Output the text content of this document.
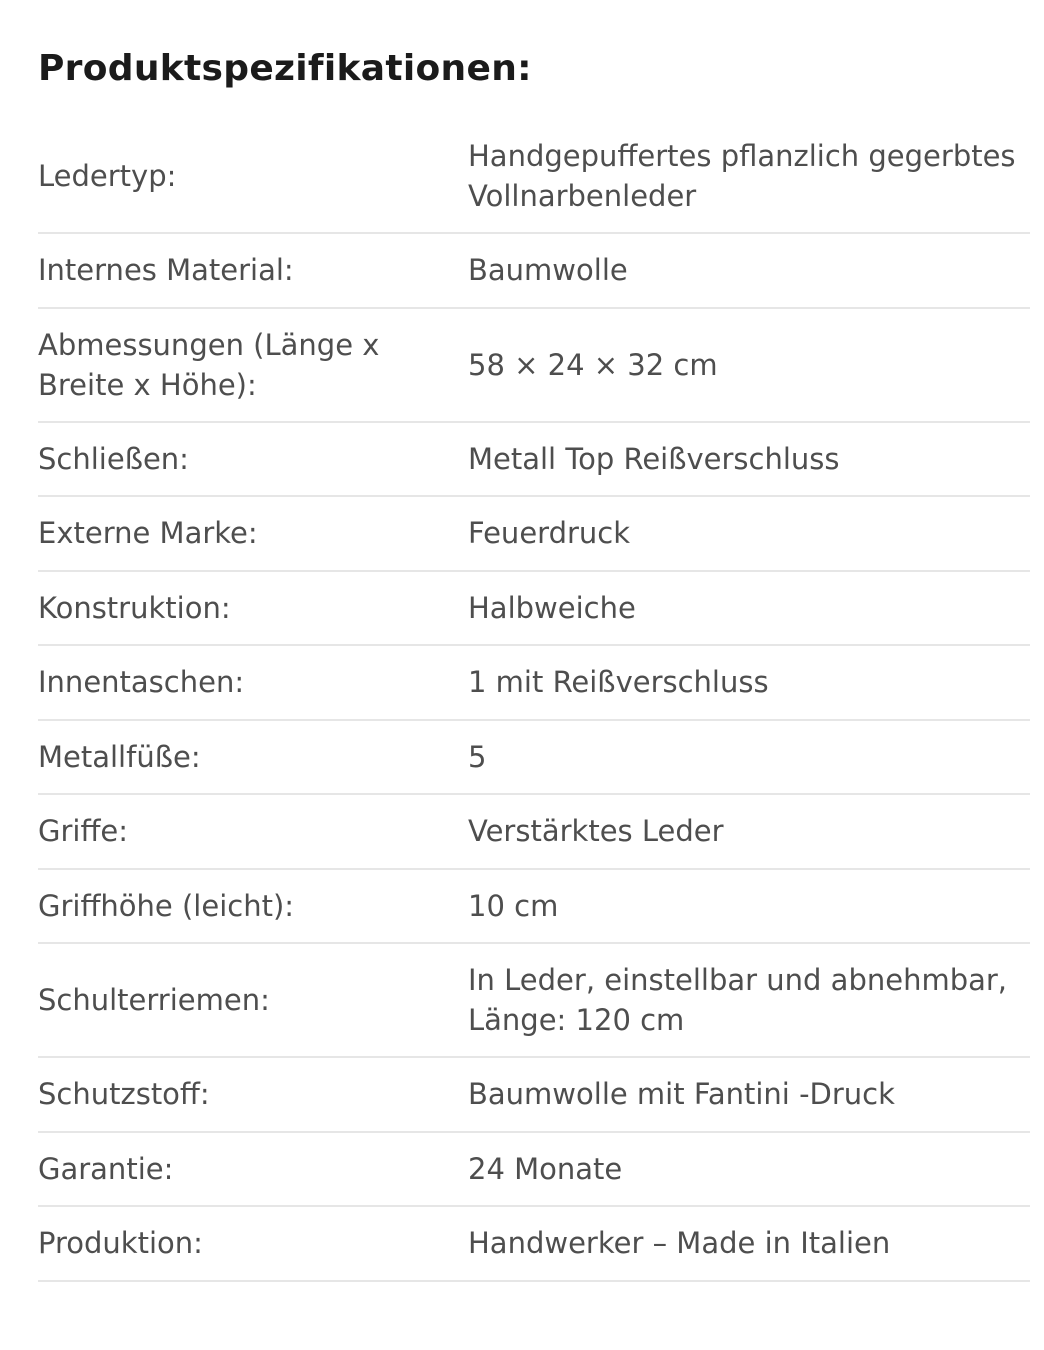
Produktspezifikationen:
Ledertyp:
Handgepuffertes pflanzlich gegerbtes Vollnarbenleder
Internes Material:	Baumwolle
Abmessungen (Länge x Breite x Höhe):
58 × 24 × 32 cm
Schließen:	Metall Top Reißverschluss
Externe Marke:	Feuerdruck
Konstruktion:	Halbweiche
Innentaschen:	1 mit Reißverschluss
Metallfüße:	5
Griffe:	Verstärktes Leder
Griffhöhe (leicht):	10 cm
Schulterriemen:
In Leder, einstellbar und abnehmbar, Länge: 120 cm
Schutzstoff:	Baumwolle mit Fantini -Druck
Garantie:	24 Monate
Produktion:	Handwerker – Made in Italien
